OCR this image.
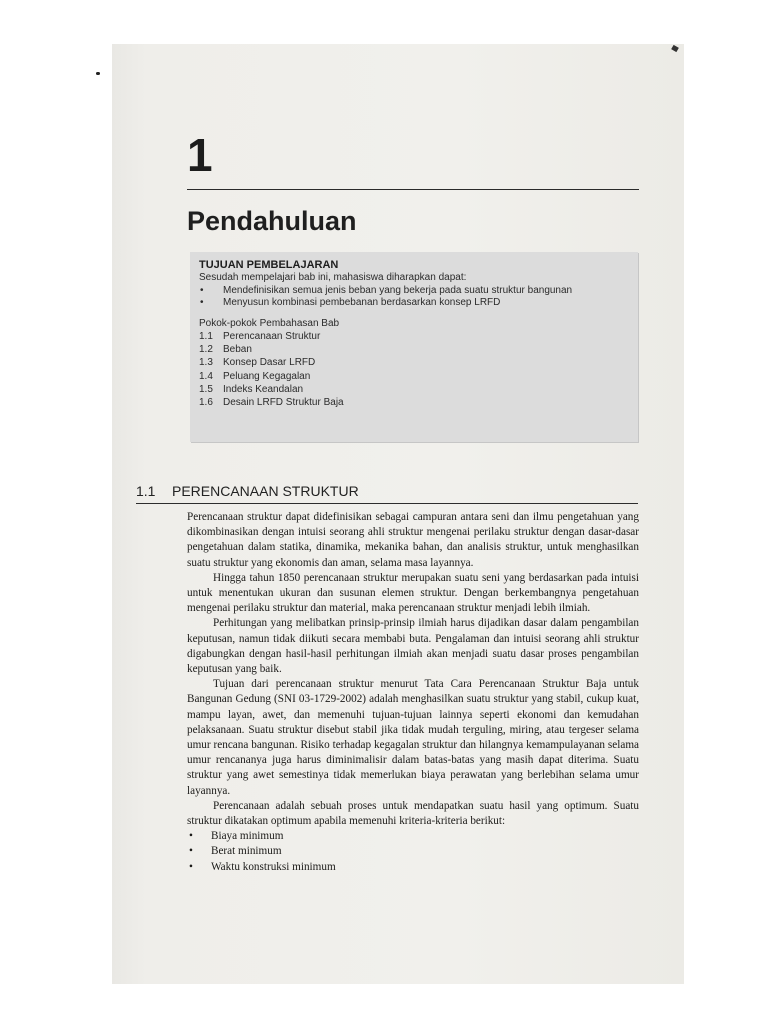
1
Pendahuluan
TUJUAN PEMBELAJARAN
Sesudah mempelajari bab ini, mahasiswa diharapkan dapat:
•	Mendefinisikan semua jenis beban yang bekerja pada suatu struktur bangunan
•	Menyusun kombinasi pembebanan berdasarkan konsep LRFD
Pokok-pokok Pembahasan Bab
1.1	Perencanaan Struktur
1.2	Beban
1.3	Konsep Dasar LRFD
1.4	Peluang Kegagalan
1.5	Indeks Keandalan
1.6	Desain LRFD Struktur Baja
1.1 PERENCANAAN STRUKTUR

Perencanaan struktur dapat didefinisikan sebagai campuran antara seni dan ilmu pengetahuan yang dikombinasikan dengan intuisi seorang ahli struktur mengenai perilaku struktur dengan dasar-dasar pengetahuan dalam statika, dinamika, mekanika bahan, dan analisis struktur, untuk menghasilkan suatu struktur yang ekonomis dan aman, selama masa layannya.

Hingga tahun 1850 perencanaan struktur merupakan suatu seni yang berdasarkan pada intuisi untuk menentukan ukuran dan susunan elemen struktur. Dengan berkembangnya pengetahuan mengenai perilaku struktur dan material, maka perencanaan struktur menjadi lebih ilmiah.

Perhitungan yang melibatkan prinsip-prinsip ilmiah harus dijadikan dasar dalam pengambilan keputusan, namun tidak diikuti secara membabi buta. Pengalaman dan intuisi seorang ahli struktur digabungkan dengan hasil-hasil perhitungan ilmiah akan menjadi suatu dasar proses pengambilan keputusan yang baik.

Tujuan dari perencanaan struktur menurut Tata Cara Perencanaan Struktur Baja untuk Bangunan Gedung (SNI 03-1729-2002) adalah menghasilkan suatu struktur yang stabil, cukup kuat, mampu layan, awet, dan memenuhi tujuan-tujuan lainnya seperti ekonomi dan kemudahan pelaksanaan. Suatu struktur disebut stabil jika tidak mudah terguling, miring, atau tergeser selama umur rencana bangunan. Risiko terhadap kegagalan struktur dan hilangnya kemampulayanan selama umur rencananya juga harus diminimalisir dalam batas-batas yang masih dapat diterima. Suatu struktur yang awet semestinya tidak memerlukan biaya perawatan yang berlebihan selama umur layannya.

Perencanaan adalah sebuah proses untuk mendapatkan suatu hasil yang optimum. Suatu struktur dikatakan optimum apabila memenuhi kriteria-kriteria berikut:

•	Biaya minimum
•	Berat minimum
•	Waktu konstruksi minimum
